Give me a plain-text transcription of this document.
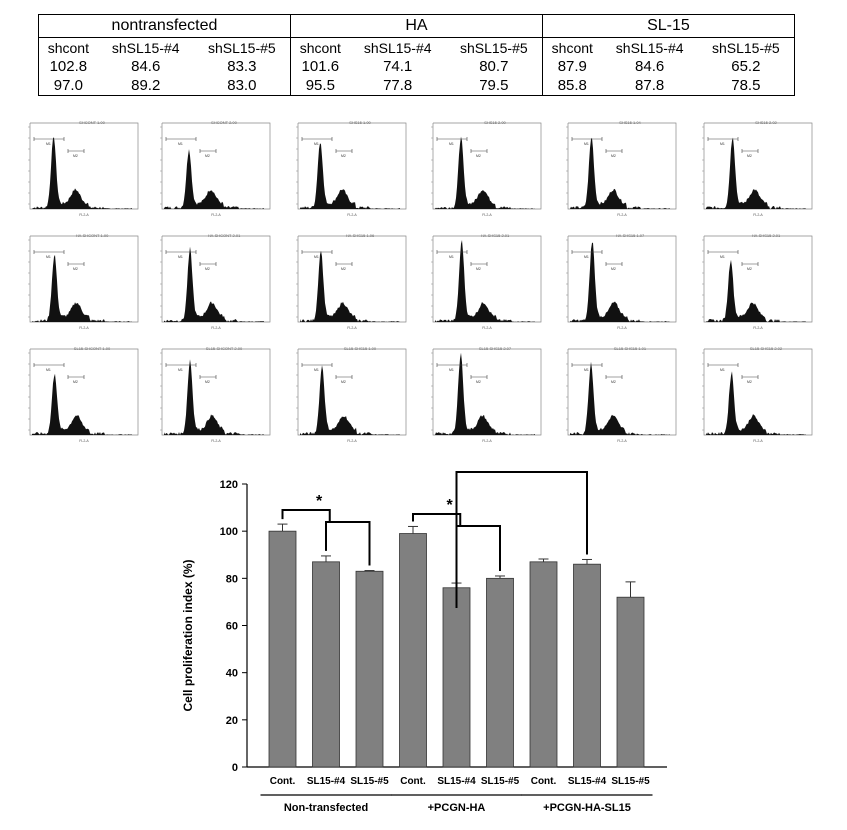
nontransfected			HA			SL-15		
shcont	shSL15-#4	shSL15-#5	shcont	shSL15-#4	shSL15-#5	shcont	shSL15-#4	shSL15-#5
102.8	84.6	83.3	101.6	74.1	80.7	87.9	84.6	65.2
97.0	89.2	83.0	95.5	77.8	79.5	85.8	87.8	78.5
SHCONT 1.00
M1
M2
FL2-A
SHCONT 2.00
M1
M2
FL2-A
SHS15 1.00
M1
M2
FL2-A
SHS15 2.00
M1
M2
FL2-A
SHS15 1.04
M1
M2
FL2-A
SHS15 2.02
M1
M2
FL2-A
HA-SHCONT 1.00
M1
M2
FL2-A
HA-SHCONT 2.01
M1
M2
FL2-A
HA-SHS15 1.06
M1
M2
FL2-A
HA-SHS15 2.01
M1
M2
FL2-A
HA-SHS15 1.07
M1
M2
FL2-A
HA-SHS15 2.01
M1
M2
FL2-A
SL15-SHCONT 1.00
M1
M2
FL2-A
SL15-SHCONT 2.00
M1
M2
FL2-A
SL15-SHS15 1.00
M1
M2
FL2-A
SL15-SHS15 2.07
M1
M2
FL2-A
SL15-SHS15 1.01
M1
M2
FL2-A
SL15-SHS15 2.02
M1
M2
FL2-A
0
20
40
60
80
100
120
Cell proliferation index (%)
Cont. SL15-#4 SL15-#5 Cont. SL15-#4 SL15-#5 Cont. SL15-#4 SL15-#5
Non-transfected	+PCGN-HA	+PCGN-HA-SL15
*	*
